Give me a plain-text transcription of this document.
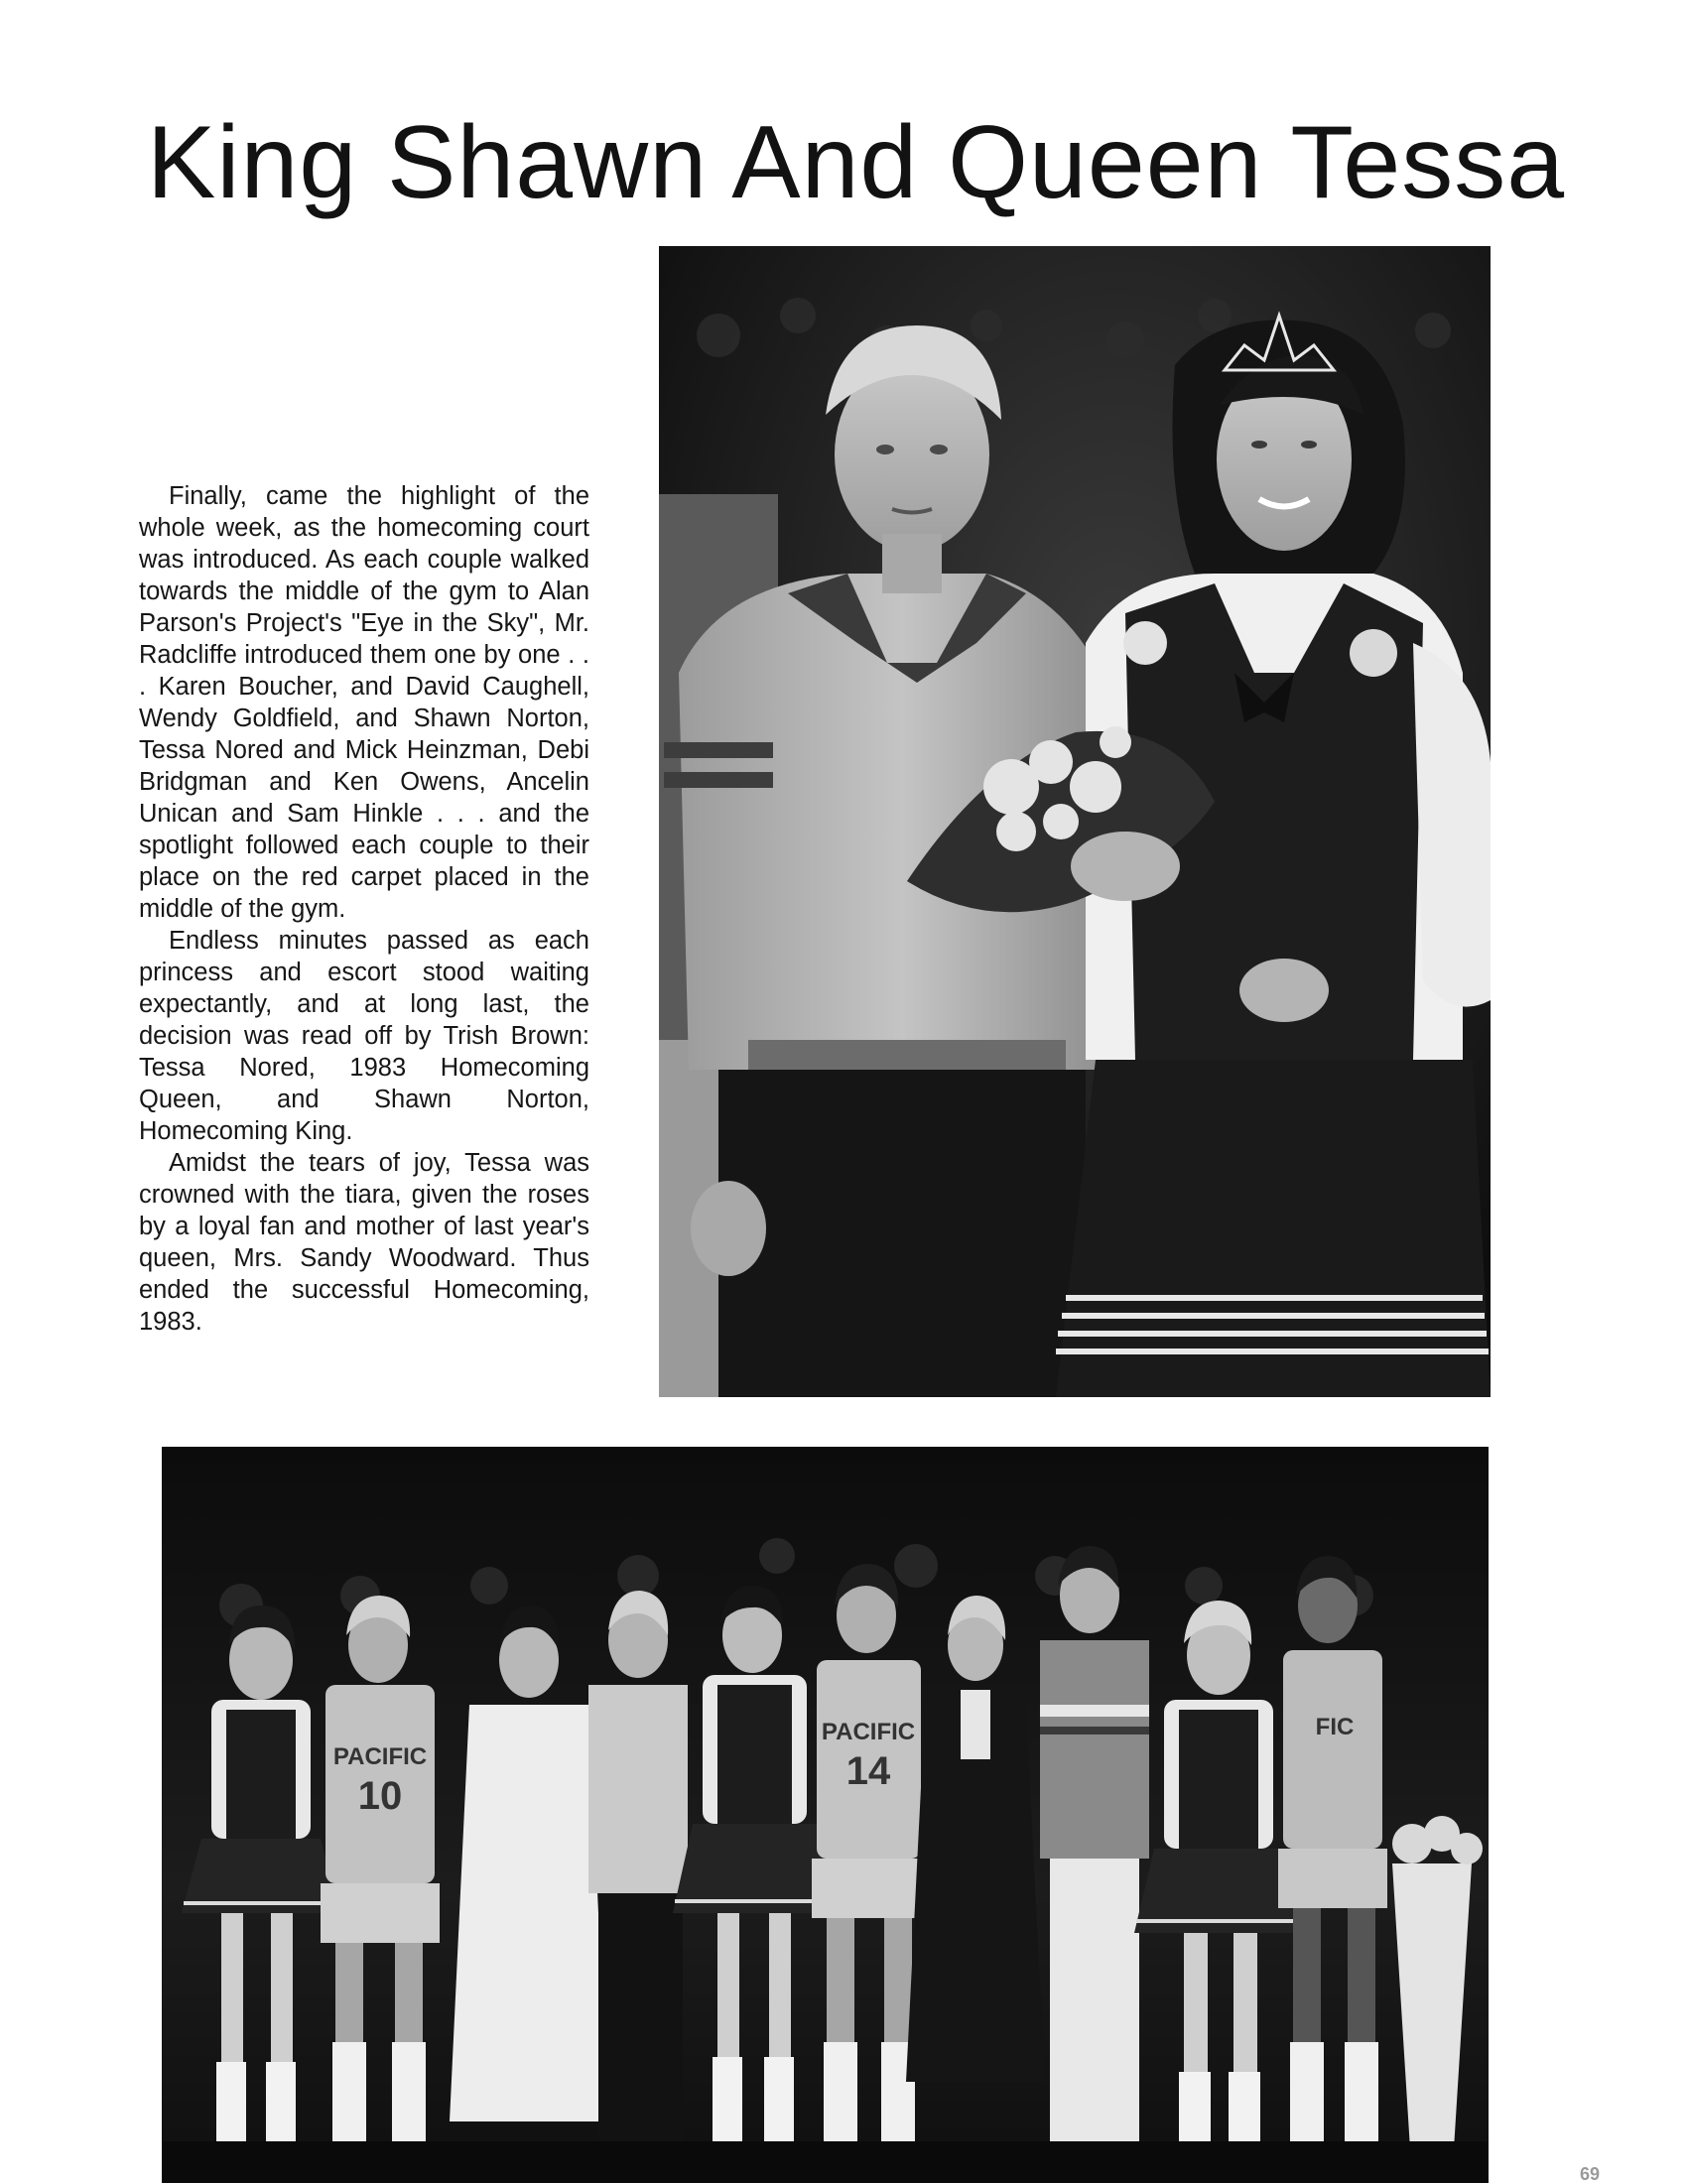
King Shawn And Queen Tessa

Finally, came the highlight of the whole week, as the homecoming court was introduced. As each couple walked towards the middle of the gym to Alan Parson's Project's "Eye in the Sky", Mr. Radcliffe introduced them one by one . . . Karen Boucher, and David Caughell, Wendy Goldfield, and Shawn Norton, Tessa Nored and Mick Heinzman, Debi Bridgman and Ken Owens, Ancelin Unican and Sam Hinkle . . . and the spotlight followed each couple to their place on the red carpet placed in the middle of the gym.

Endless minutes passed as each princess and escort stood waiting expectantly, and at long last, the decision was read off by Trish Brown: Tessa Nored, 1983 Homecoming Queen, and Shawn Norton, Homecoming King.

Amidst the tears of joy, Tessa was crowned with the tiara, given the roses by a loyal fan and mother of last year's queen, Mrs. Sandy Woodward. Thus ended the successful Homecoming, 1983.

PACIFIC
10
PACIFIC
14
FIC
69
